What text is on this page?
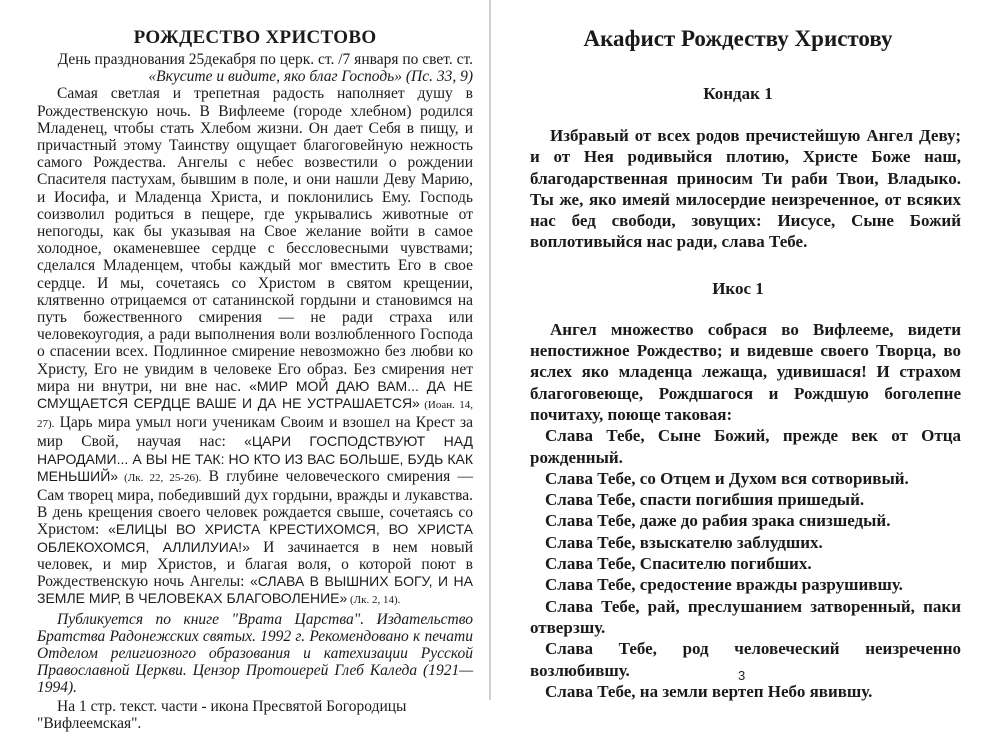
РОЖДЕСТВО ХРИСТОВО

День празднования 25декабря по церк. ст. /7 января по свет. ст.

«Вкусите и видите, яко благ Господь» (Пс. 33, 9)

Самая светлая и трепетная радость наполняет душу в Рождественскую ночь. В Вифлееме (городе хлебном) родился Младенец, чтобы стать Хлебом жизни. Он дает Себя в пищу, и причастный этому Таинству ощущает благоговейную нежность самого Рождества. Ангелы с небес возвестили о рождении Спасителя пастухам, бывшим в поле, и они нашли Деву Марию, и Иосифа, и Младенца Христа, и поклонились Ему. Господь соизволил родиться в пещере, где укрывались животные от непогоды, как бы указывая на Свое желание войти в самое холодное, окаменевшее сердце с бессловесными чувствами; сделался Младенцем, чтобы каждый мог вместить Его в свое сердце. И мы, сочетаясь со Христом в святом крещении, клятвенно отрицаемся от сатанинской гордыни и становимся на путь божественного смирения — не ради страха или человекоугодия, а ради выполнения воли возлюбленного Господа о спасении всех. Подлинное смирение невозможно без любви ко Христу, Его не увидим в человеке Его образ. Без смирения нет мира ни внутри, ни вне нас. «МИР МОЙ ДАЮ ВАМ... ДА НЕ СМУЩАЕТСЯ СЕРДЦЕ ВАШЕ И ДА НЕ УСТРАШАЕТСЯ» (Иоан. 14, 27). Царь мира умыл ноги ученикам Своим и взошел на Крест за мир Свой, научая нас: «ЦАРИ ГОСПОДСТВУЮТ НАД НАРОДАМИ... А ВЫ НЕ ТАК: НО КТО ИЗ ВАС БОЛЬШЕ, БУДЬ КАК МЕНЬШИЙ» (Лк. 22, 25-26). В глубине человеческого смирения — Сам творец мира, победивший дух гордыни, вражды и лукавства. В день крещения своего человек рождается свыше, сочетаясь со Христом: «ЕЛИЦЫ ВО ХРИСТА КРЕСТИХОМСЯ, ВО ХРИСТА ОБЛЕКОХОМСЯ, АЛЛИЛУИА!» И зачинается в нем новый человек, и мир Христов, и благая воля, о которой поют в Рождественскую ночь Ангелы: «СЛАВА В ВЫШНИХ БОГУ, И НА ЗЕМЛЕ МИР, В ЧЕЛОВЕКАХ БЛАГОВОЛЕНИЕ» (Лк. 2, 14).

Публикуется по книге "Врата Царства". Издательство Братства Радонежских святых. 1992 г. Рекомендовано к печати Отделом религиозного образования и катехизации Русской Православной Церкви. Цензор Протоиерей Глеб Каледа (1921—1994).

На 1 стр. текст. части - икона Пресвятой Богородицы "Вифлеемская".

Акафист Рождеству Христову
Кондак 1

Избравый от всех родов пречистейшую Ангел Деву; и от Нея родивыйся плотию, Христе Боже наш, благодарственная приносим Ти раби Твои, Владыко. Ты же, яко имеяй милосердие неизреченное, от всяких нас бед свободи, зовущих: Иисусе, Сыне Божий воплотивыйся нас ради, слава Тебе.

Икос 1

Ангел множество собрася во Вифлееме, видети непостижное Рождество; и видевше своего Творца, во яслех яко младенца лежаща, удивишася! И страхом благоговеюще, Рождшагося и Рождшую боголепне почитаху, поюще таковая:

Слава Тебе, Сыне Божий, прежде век от Отца рожденный.

Слава Тебе, со Отцем и Духом вся сотворивый.

Слава Тебе, спасти погибшия пришедый.

Слава Тебе, даже до рабия зрака снизшедый.

Слава Тебе, взыскателю заблудших.

Слава Тебе, Спасителю погибших.

Слава Тебе, средостение вражды разрушившу.

Слава Тебе, рай, преслушанием затворенный, паки отверзшу.

Слава Тебе, род человеческий неизреченно возлюбившу.

Слава Тебе, на земли вертеп Небо явившу.

3
